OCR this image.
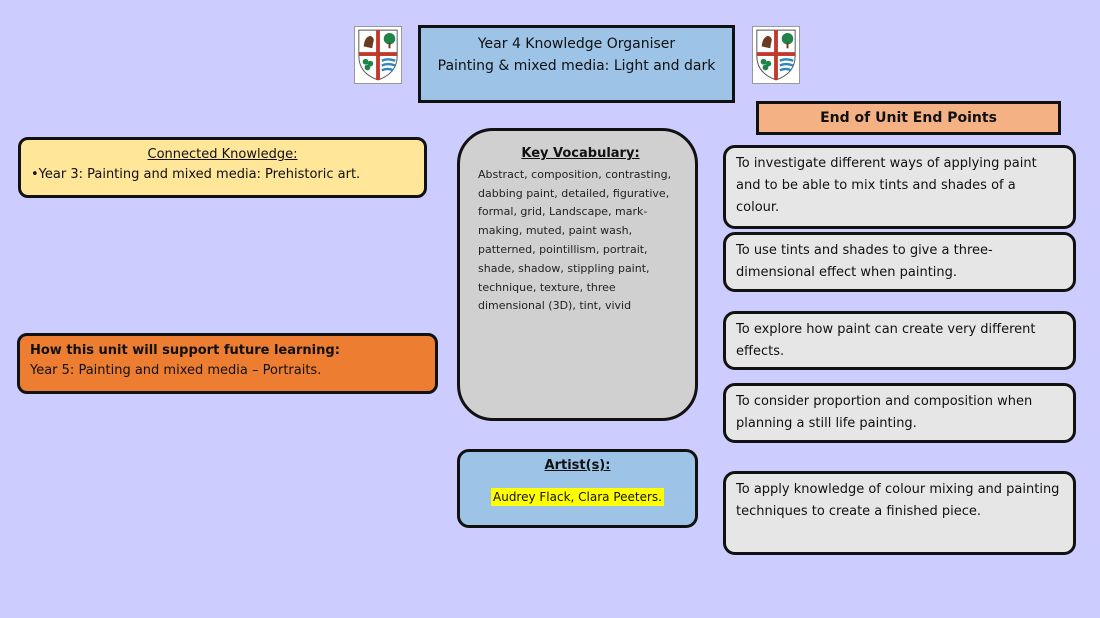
Year 4 Knowledge Organiser
Painting & mixed media: Light and dark
End of Unit End Points
Connected Knowledge:
•Year 3: Painting and mixed media: Prehistoric art.
How this unit will support future learning:
Year 5: Painting and mixed media – Portraits.
Key Vocabulary:
Abstract, composition, contrasting, dabbing paint, detailed, figurative, formal, grid, Landscape, mark-making, muted, paint wash, patterned, pointillism, portrait, shade, shadow, stippling paint, technique, texture, three dimensional (3D), tint, vivid
Artist(s):
Audrey Flack, Clara Peeters.
To investigate different ways of applying paint and to be able to mix tints and shades of a colour.
To use tints and shades to give a three-dimensional effect when painting.
To explore how paint can create very different effects.
To consider proportion and composition when planning a still life painting.
To apply knowledge of colour mixing and painting techniques to create a finished piece.
